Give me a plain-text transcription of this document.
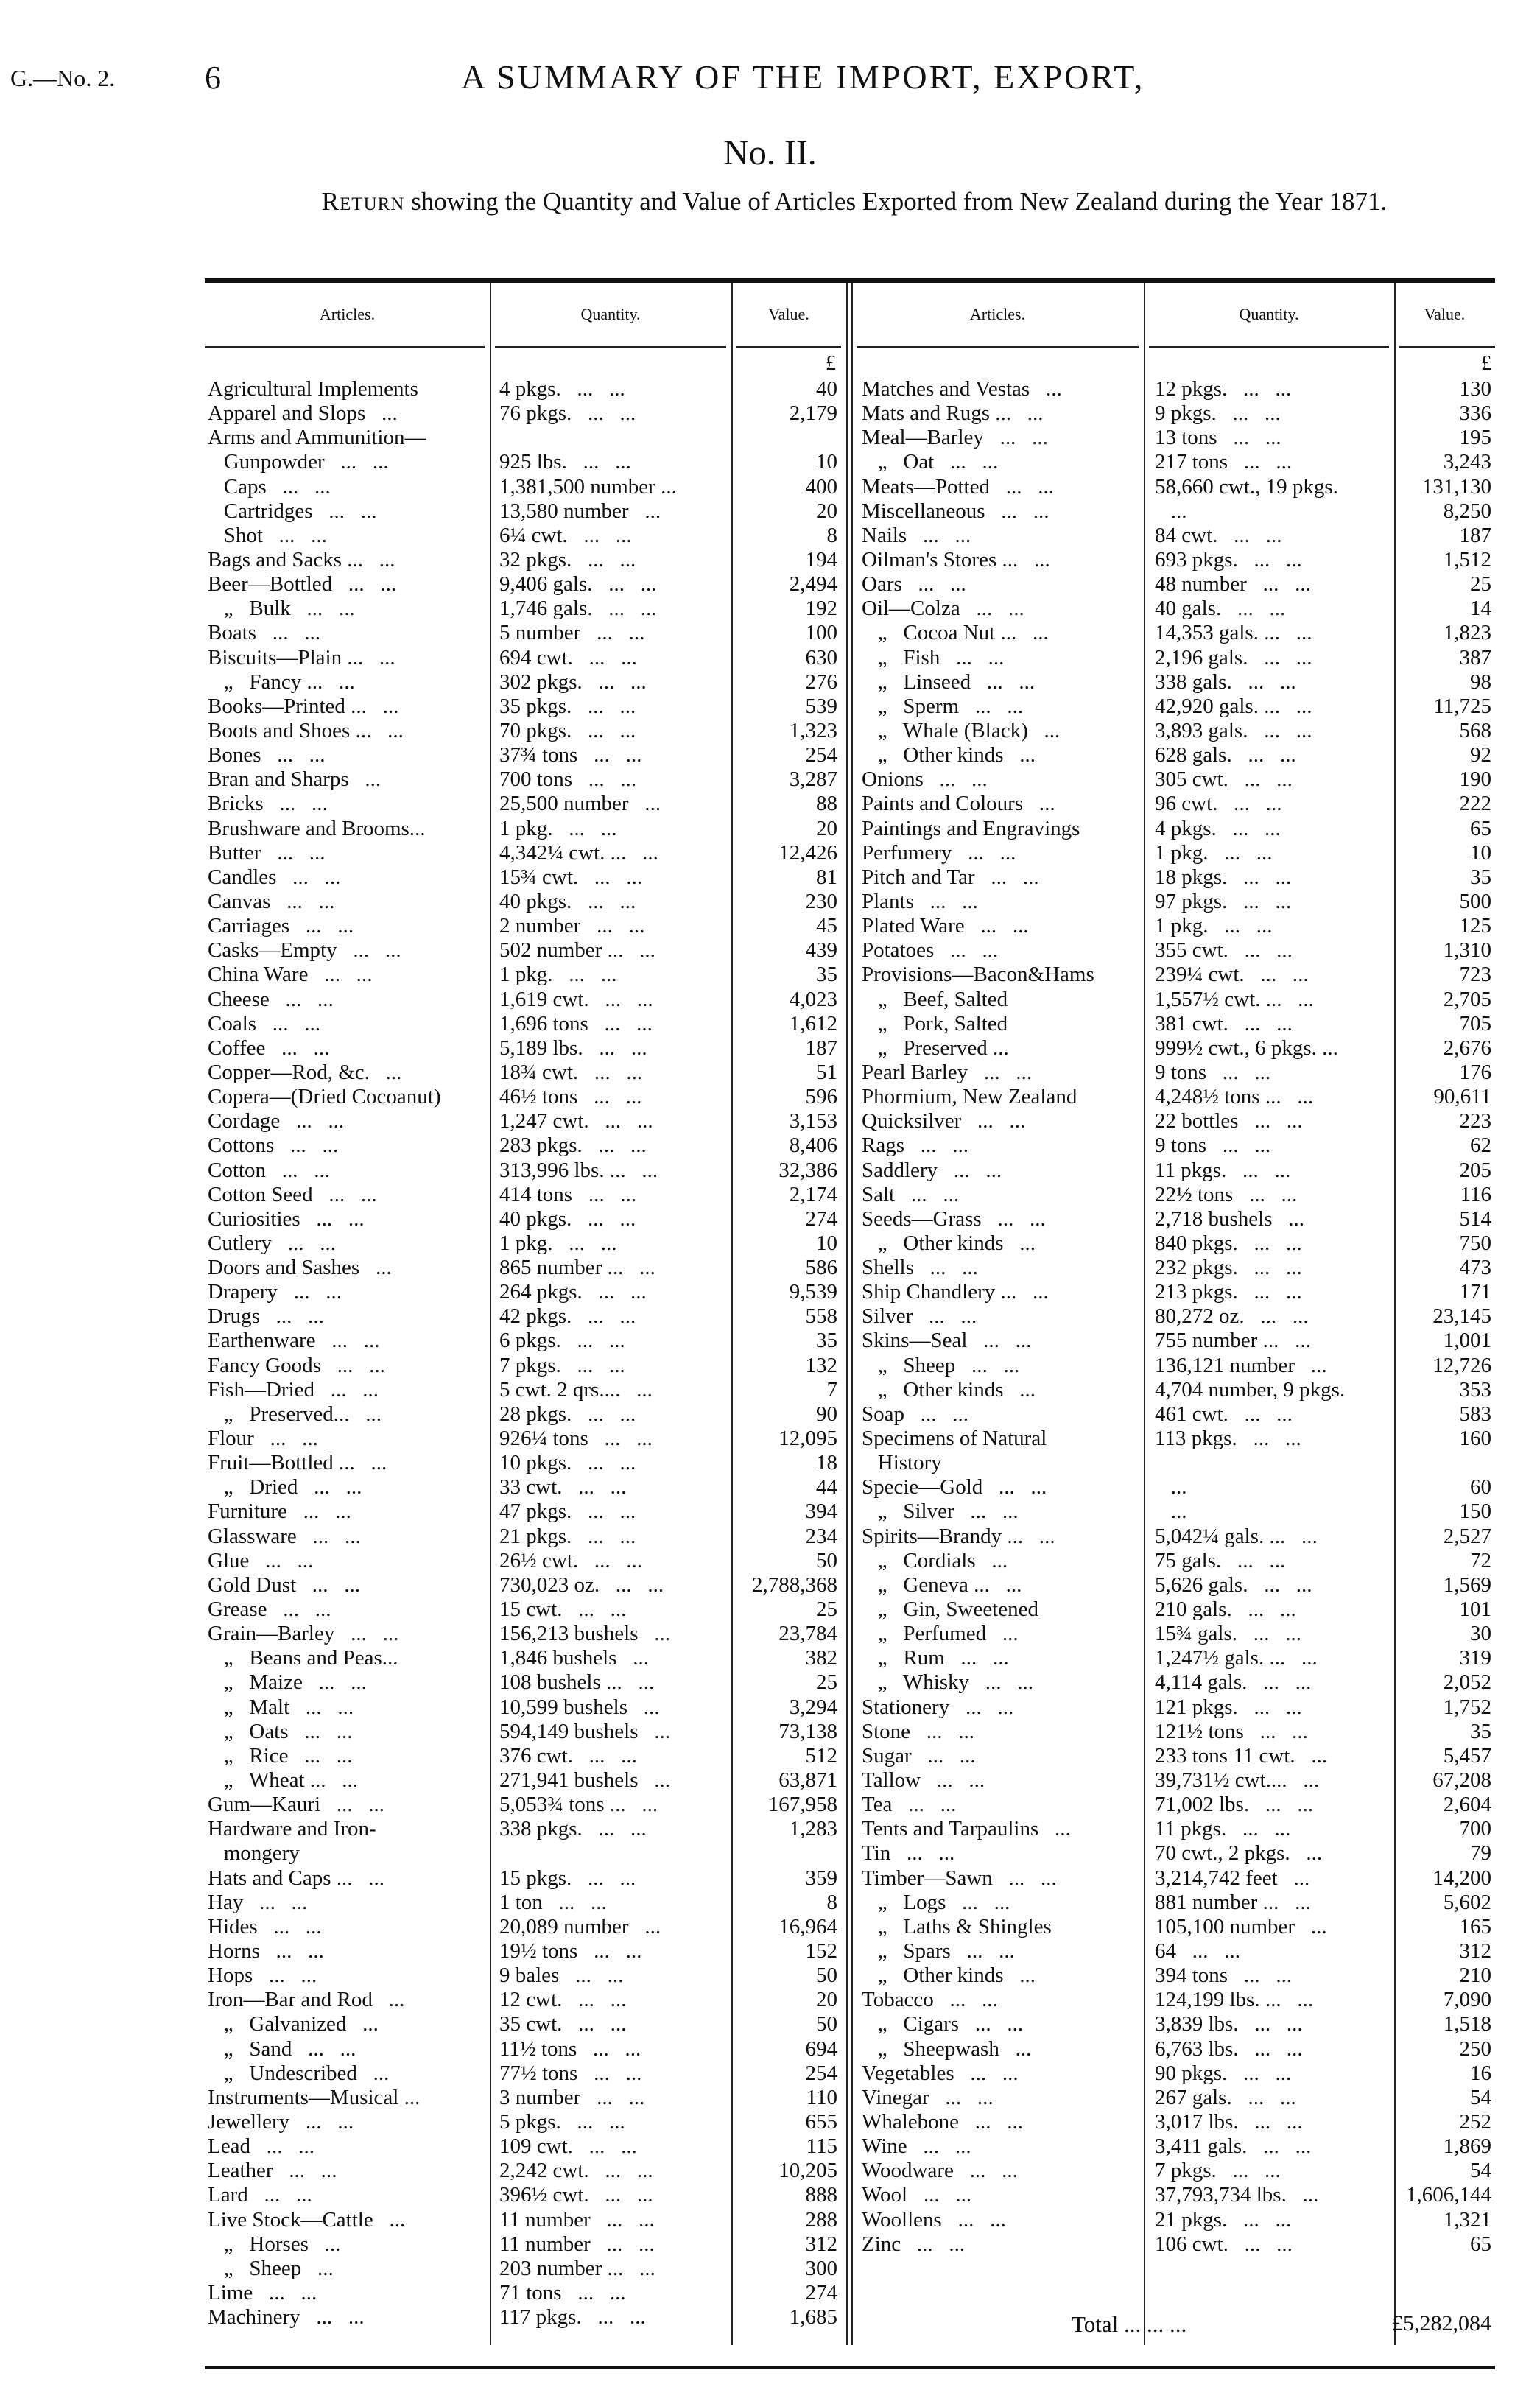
G.—No. 2.	6	A SUMMARY OF THE IMPORT, EXPORT,
No. II.
Return showing the Quantity and Value of Articles Exported from New Zealand during the Year 1871.
Articles.	Quantity.	Value.	Articles.	Quantity.	Value.
£	£
Agricultural Implements	4 pkgs.   ...   ...	40
Apparel and Slops   ...	76 pkgs.   ...   ...	2,179
Arms and Ammunition—
Gunpowder   ...   ...	925 lbs.   ...   ...	10
Caps   ...   ...	1,381,500 number ...	400
Cartridges   ...   ...	13,580 number   ...	20
Shot   ...   ...	6¼ cwt.   ...   ...	8
Bags and Sacks ...   ...	32 pkgs.   ...   ...	194
Beer—Bottled   ...   ...	9,406 gals.   ...   ...	2,494
„   Bulk   ...   ...	1,746 gals.   ...   ...	192
Boats   ...   ...	5 number   ...   ...	100
Biscuits—Plain ...   ...	694 cwt.   ...   ...	630
„   Fancy ...   ...	302 pkgs.   ...   ...	276
Books—Printed ...   ...	35 pkgs.   ...   ...	539
Boots and Shoes ...   ...	70 pkgs.   ...   ...	1,323
Bones   ...   ...	37¾ tons   ...   ...	254
Bran and Sharps   ...	700 tons   ...   ...	3,287
Bricks   ...   ...	25,500 number   ...	88
Brushware and Brooms...	1 pkg.   ...   ...	20
Butter   ...   ...	4,342¼ cwt. ...   ...	12,426
Candles   ...   ...	15¾ cwt.   ...   ...	81
Canvas   ...   ...	40 pkgs.   ...   ...	230
Carriages   ...   ...	2 number   ...   ...	45
Casks—Empty   ...   ...	502 number ...   ...	439
China Ware   ...   ...	1 pkg.   ...   ...	35
Cheese   ...   ...	1,619 cwt.   ...   ...	4,023
Coals   ...   ...	1,696 tons   ...   ...	1,612
Coffee   ...   ...	5,189 lbs.   ...   ...	187
Copper—Rod, &c.   ...	18¾ cwt.   ...   ...	51
Copera—(Dried Cocoanut)	46½ tons   ...   ...	596
Cordage   ...   ...	1,247 cwt.   ...   ...	3,153
Cottons   ...   ...	283 pkgs.   ...   ...	8,406
Cotton   ...   ...	313,996 lbs. ...   ...	32,386
Cotton Seed   ...   ...	414 tons   ...   ...	2,174
Curiosities   ...   ...	40 pkgs.   ...   ...	274
Cutlery   ...   ...	1 pkg.   ...   ...	10
Doors and Sashes   ...	865 number ...   ...	586
Drapery   ...   ...	264 pkgs.   ...   ...	9,539
Drugs   ...   ...	42 pkgs.   ...   ...	558
Earthenware   ...   ...	6 pkgs.   ...   ...	35
Fancy Goods   ...   ...	7 pkgs.   ...   ...	132
Fish—Dried   ...   ...	5 cwt. 2 qrs....   ...	7
„   Preserved...   ...	28 pkgs.   ...   ...	90
Flour   ...   ...	926¼ tons   ...   ...	12,095
Fruit—Bottled ...   ...	10 pkgs.   ...   ...	18
„   Dried   ...   ...	33 cwt.   ...   ...	44
Furniture   ...   ...	47 pkgs.   ...   ...	394
Glassware   ...   ...	21 pkgs.   ...   ...	234
Glue   ...   ...	26½ cwt.   ...   ...	50
Gold Dust   ...   ...	730,023 oz.   ...   ...	2,788,368
Grease   ...   ...	15 cwt.   ...   ...	25
Grain—Barley   ...   ...	156,213 bushels   ...	23,784
„   Beans and Peas...	1,846 bushels   ...	382
„   Maize   ...   ...	108 bushels ...   ...	25
„   Malt   ...   ...	10,599 bushels   ...	3,294
„   Oats   ...   ...	594,149 bushels   ...	73,138
„   Rice   ...   ...	376 cwt.   ...   ...	512
„   Wheat ...   ...	271,941 bushels   ...	63,871
Gum—Kauri   ...   ...	5,053¾ tons ...   ...	167,958
Hardware and Iron-	338 pkgs.   ...   ...	1,283
mongery
Hats and Caps ...   ...	15 pkgs.   ...   ...	359
Hay   ...   ...	1 ton   ...   ...	8
Hides   ...   ...	20,089 number   ...	16,964
Horns   ...   ...	19½ tons   ...   ...	152
Hops   ...   ...	9 bales   ...   ...	50
Iron—Bar and Rod   ...	12 cwt.   ...   ...	20
„   Galvanized   ...	35 cwt.   ...   ...	50
„   Sand   ...   ...	11½ tons   ...   ...	694
„   Undescribed   ...	77½ tons   ...   ...	254
Instruments—Musical ...	3 number   ...   ...	110
Jewellery   ...   ...	5 pkgs.   ...   ...	655
Lead   ...   ...	109 cwt.   ...   ...	115
Leather   ...   ...	2,242 cwt.   ...   ...	10,205
Lard   ...   ...	396½ cwt.   ...   ...	888
Live Stock—Cattle   ...	11 number   ...   ...	288
„   Horses   ...	11 number   ...   ...	312
„   Sheep   ...	203 number ...   ...	300
Lime   ...   ...	71 tons   ...   ...	274
Machinery   ...   ...	117 pkgs.   ...   ...	1,685
Matches and Vestas   ...	12 pkgs.   ...   ...	130
Mats and Rugs ...   ...	9 pkgs.   ...   ...	336
Meal—Barley   ...   ...	13 tons   ...   ...	195
„   Oat   ...   ...	217 tons   ...   ...	3,243
Meats—Potted   ...   ...	58,660 cwt., 19 pkgs.	131,130
Miscellaneous   ...   ...	...	8,250
Nails   ...   ...	84 cwt.   ...   ...	187
Oilman's Stores ...   ...	693 pkgs.   ...   ...	1,512
Oars   ...   ...	48 number   ...   ...	25
Oil—Colza   ...   ...	40 gals.   ...   ...	14
„   Cocoa Nut ...   ...	14,353 gals. ...   ...	1,823
„   Fish   ...   ...	2,196 gals.   ...   ...	387
„   Linseed   ...   ...	338 gals.   ...   ...	98
„   Sperm   ...   ...	42,920 gals. ...   ...	11,725
„   Whale (Black)   ...	3,893 gals.   ...   ...	568
„   Other kinds   ...	628 gals.   ...   ...	92
Onions   ...   ...	305 cwt.   ...   ...	190
Paints and Colours   ...	96 cwt.   ...   ...	222
Paintings and Engravings	4 pkgs.   ...   ...	65
Perfumery   ...   ...	1 pkg.   ...   ...	10
Pitch and Tar   ...   ...	18 pkgs.   ...   ...	35
Plants   ...   ...	97 pkgs.   ...   ...	500
Plated Ware   ...   ...	1 pkg.   ...   ...	125
Potatoes   ...   ...	355 cwt.   ...   ...	1,310
Provisions—Bacon&Hams	239¼ cwt.   ...   ...	723
„   Beef, Salted	1,557½ cwt. ...   ...	2,705
„   Pork, Salted	381 cwt.   ...   ...	705
„   Preserved ...	999½ cwt., 6 pkgs. ...	2,676
Pearl Barley   ...   ...	9 tons   ...   ...	176
Phormium, New Zealand	4,248½ tons ...   ...	90,611
Quicksilver   ...   ...	22 bottles   ...   ...	223
Rags   ...   ...	9 tons   ...   ...	62
Saddlery   ...   ...	11 pkgs.   ...   ...	205
Salt   ...   ...	22½ tons   ...   ...	116
Seeds—Grass   ...   ...	2,718 bushels   ...	514
„   Other kinds   ...	840 pkgs.   ...   ...	750
Shells   ...   ...	232 pkgs.   ...   ...	473
Ship Chandlery ...   ...	213 pkgs.   ...   ...	171
Silver   ...   ...	80,272 oz.   ...   ...	23,145
Skins—Seal   ...   ...	755 number ...   ...	1,001
„   Sheep   ...   ...	136,121 number   ...	12,726
„   Other kinds   ...	4,704 number, 9 pkgs.	353
Soap   ...   ...	461 cwt.   ...   ...	583
Specimens of Natural	113 pkgs.   ...   ...	160
History
Specie—Gold   ...   ...	...	60
„   Silver   ...   ...	...	150
Spirits—Brandy ...   ...	5,042¼ gals. ...   ...	2,527
„   Cordials   ...	75 gals.   ...   ...	72
„   Geneva ...   ...	5,626 gals.   ...   ...	1,569
„   Gin, Sweetened	210 gals.   ...   ...	101
„   Perfumed   ...	15¾ gals.   ...   ...	30
„   Rum   ...   ...	1,247½ gals. ...   ...	319
„   Whisky   ...   ...	4,114 gals.   ...   ...	2,052
Stationery   ...   ...	121 pkgs.   ...   ...	1,752
Stone   ...   ...	121½ tons   ...   ...	35
Sugar   ...   ...	233 tons 11 cwt.   ...	5,457
Tallow   ...   ...	39,731½ cwt....   ...	67,208
Tea   ...   ...	71,002 lbs.   ...   ...	2,604
Tents and Tarpaulins   ...	11 pkgs.   ...   ...	700
Tin   ...   ...	70 cwt., 2 pkgs.   ...	79
Timber—Sawn   ...   ...	3,214,742 feet   ...	14,200
„   Logs   ...   ...	881 number ...   ...	5,602
„   Laths & Shingles	105,100 number   ...	165
„   Spars   ...   ...	64   ...   ...	312
„   Other kinds   ...	394 tons   ...   ...	210
Tobacco   ...   ...	124,199 lbs. ...   ...	7,090
„   Cigars   ...   ...	3,839 lbs.   ...   ...	1,518
„   Sheepwash   ...	6,763 lbs.   ...   ...	250
Vegetables   ...   ...	90 pkgs.   ...   ...	16
Vinegar   ...   ...	267 gals.   ...   ...	54
Whalebone   ...   ...	3,017 lbs.   ...   ...	252
Wine   ...   ...	3,411 gals.   ...   ...	1,869
Woodware   ...   ...	7 pkgs.   ...   ...	54
Wool   ...   ...	37,793,734 lbs.   ...	1,606,144
Woollens   ...   ...	21 pkgs.   ...   ...	1,321
Zinc   ...   ...	106 cwt.   ...   ...	65
Total ... ... ...	£5,282,084
